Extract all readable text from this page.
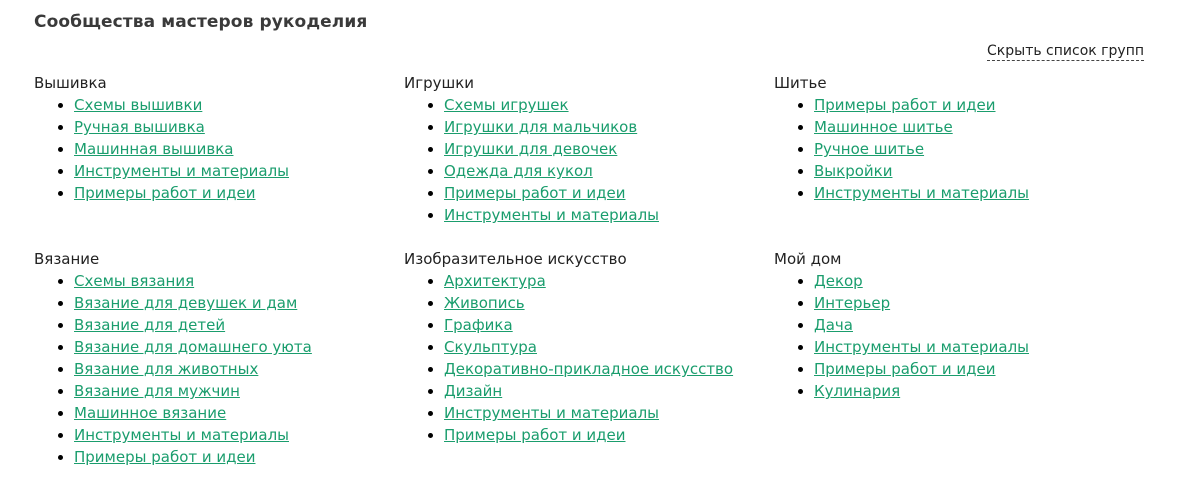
Сообщества мастеров рукоделия
Скрыть список групп
Вышивка
• Схемы вышивки
• Ручная вышивка
• Машинная вышивка
• Инструменты и материалы
• Примеры работ и идеи
Игрушки
• Схемы игрушек
• Игрушки для мальчиков
• Игрушки для девочек
• Одежда для кукол
• Примеры работ и идеи
• Инструменты и материалы
Шитье
• Примеры работ и идеи
• Машинное шитье
• Ручное шитье
• Выкройки
• Инструменты и материалы
Вязание
• Схемы вязания
• Вязание для девушек и дам
• Вязание для детей
• Вязание для домашнего уюта
• Вязание для животных
• Вязание для мужчин
• Машинное вязание
• Инструменты и материалы
• Примеры работ и идеи
Изобразительное искусство
• Архитектура
• Живопись
• Графика
• Скульптура
• Декоративно-прикладное искусство
• Дизайн
• Инструменты и материалы
• Примеры работ и идеи
Мой дом
• Декор
• Интерьер
• Дача
• Инструменты и материалы
• Примеры работ и идеи
• Кулинария
